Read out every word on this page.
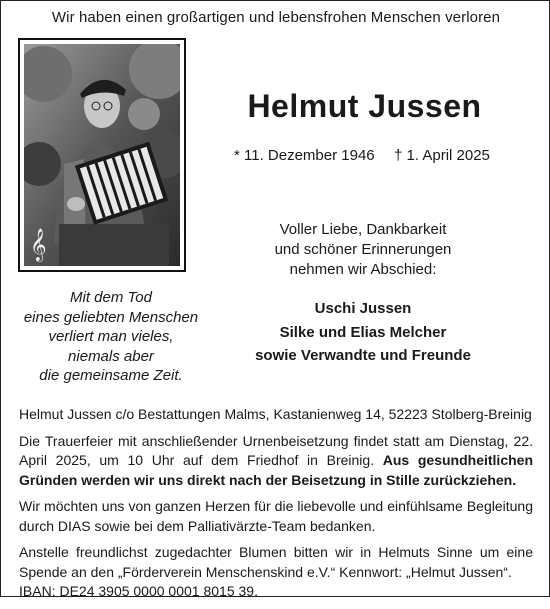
Wir haben einen großartigen und lebensfrohen Menschen verloren
𝄞
Helmut Jussen
* 11. Dezember 1946 † 1. April 2025
Voller Liebe, Dankbarkeit
und schöner Erinnerungen
nehmen wir Abschied:
Uschi Jussen
Silke und Elias Melcher
sowie Verwandte und Freunde
Mit dem Tod
eines geliebten Menschen
verliert man vieles,
niemals aber
die gemeinsame Zeit.

Helmut Jussen c/o Bestattungen Malms, Kastanienweg 14, 52223 Stolberg-Breinig

Die Trauerfeier mit anschließender Urnenbeisetzung findet statt am Dienstag, 22. April 2025, um 10 Uhr auf dem Friedhof in Breinig. Aus gesundheitlichen Gründen werden wir uns direkt nach der Beisetzung in Stille zurückziehen.

Wir möchten uns von ganzen Herzen für die liebevolle und einfühlsame Begleitung durch DIAS sowie bei dem Palliativärzte-Team bedanken.

Anstelle freundlichst zugedachter Blumen bitten wir in Helmuts Sinne um eine Spende an den „Förderverein Menschenskind e.V.“ Kennwort: „Helmut Jussen“.
IBAN: DE24 3905 0000 0001 8015 39.
